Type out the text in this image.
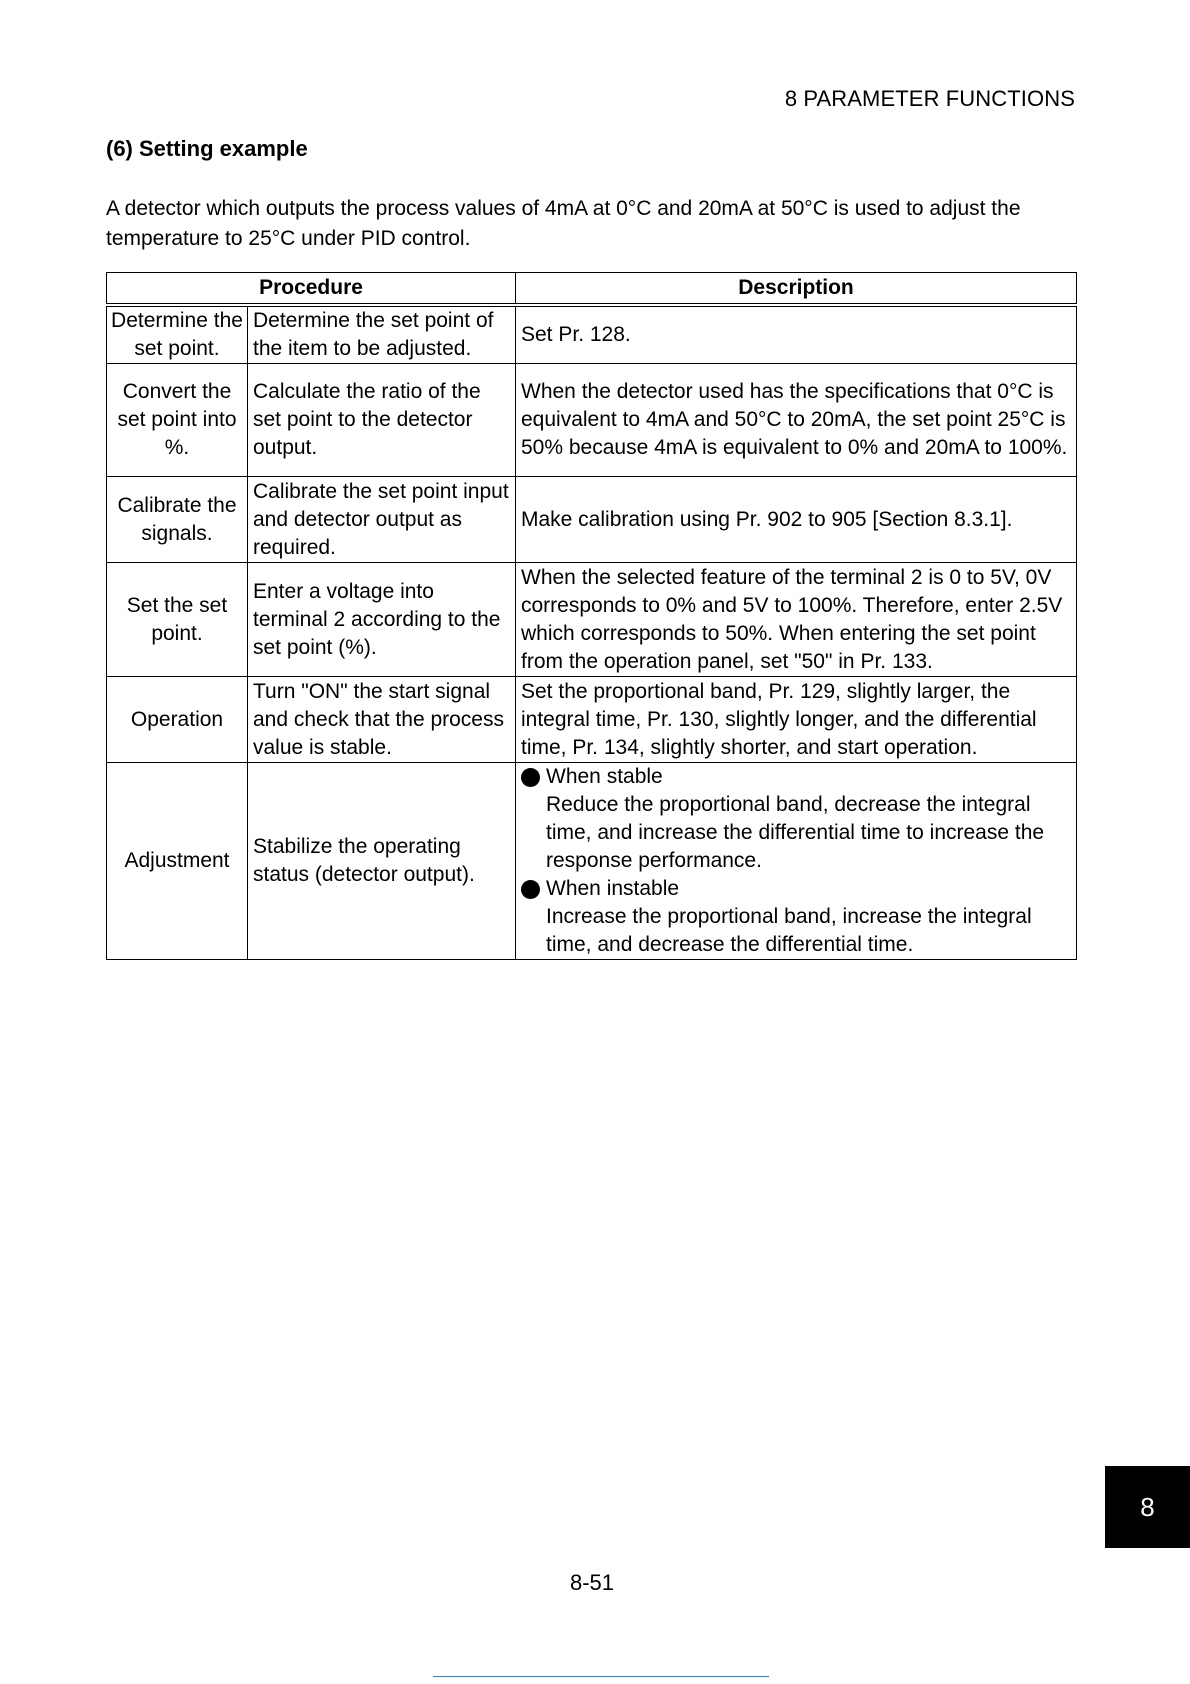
8 PARAMETER FUNCTIONS
(6) Setting example
A detector which outputs the process values of 4mA at 0°C and 20mA at 50°C is used to adjust the temperature to 25°C under PID control.
Procedure		Description
Determine the set point.	Determine the set point of the item to be adjusted.	Set Pr. 128.
Convert the set point into %.	Calculate the ratio of the set point to the detector output.	When the detector used has the specifications that 0°C is equivalent to 4mA and 50°C to 20mA, the set point 25°C is 50% because 4mA is equivalent to 0% and 20mA to 100%.
Calibrate the signals.	Calibrate the set point input and detector output as required.	Make calibration using Pr. 902 to 905 [Section 8.3.1].
Set the set point.	Enter a voltage into terminal 2 according to the set point (%).	When the selected feature of the terminal 2 is 0 to 5V, 0V corresponds to 0% and 5V to 100%. Therefore, enter 2.5V which corresponds to 50%. When entering the set point from the operation panel, set "50" in Pr. 133.
Operation	Turn "ON" the start signal and check that the process value is stable.	Set the proportional band, Pr. 129, slightly larger, the integral time, Pr. 130, slightly longer, and the differential time, Pr. 134, slightly shorter, and start operation.
Adjustment	Stabilize the operating status (detector output).	When stable
Reduce the proportional band, decrease the integral time, and increase the differential time to increase the response performance.
When instable
Increase the proportional band, increase the integral time, and decrease the differential time.
8-51
8
